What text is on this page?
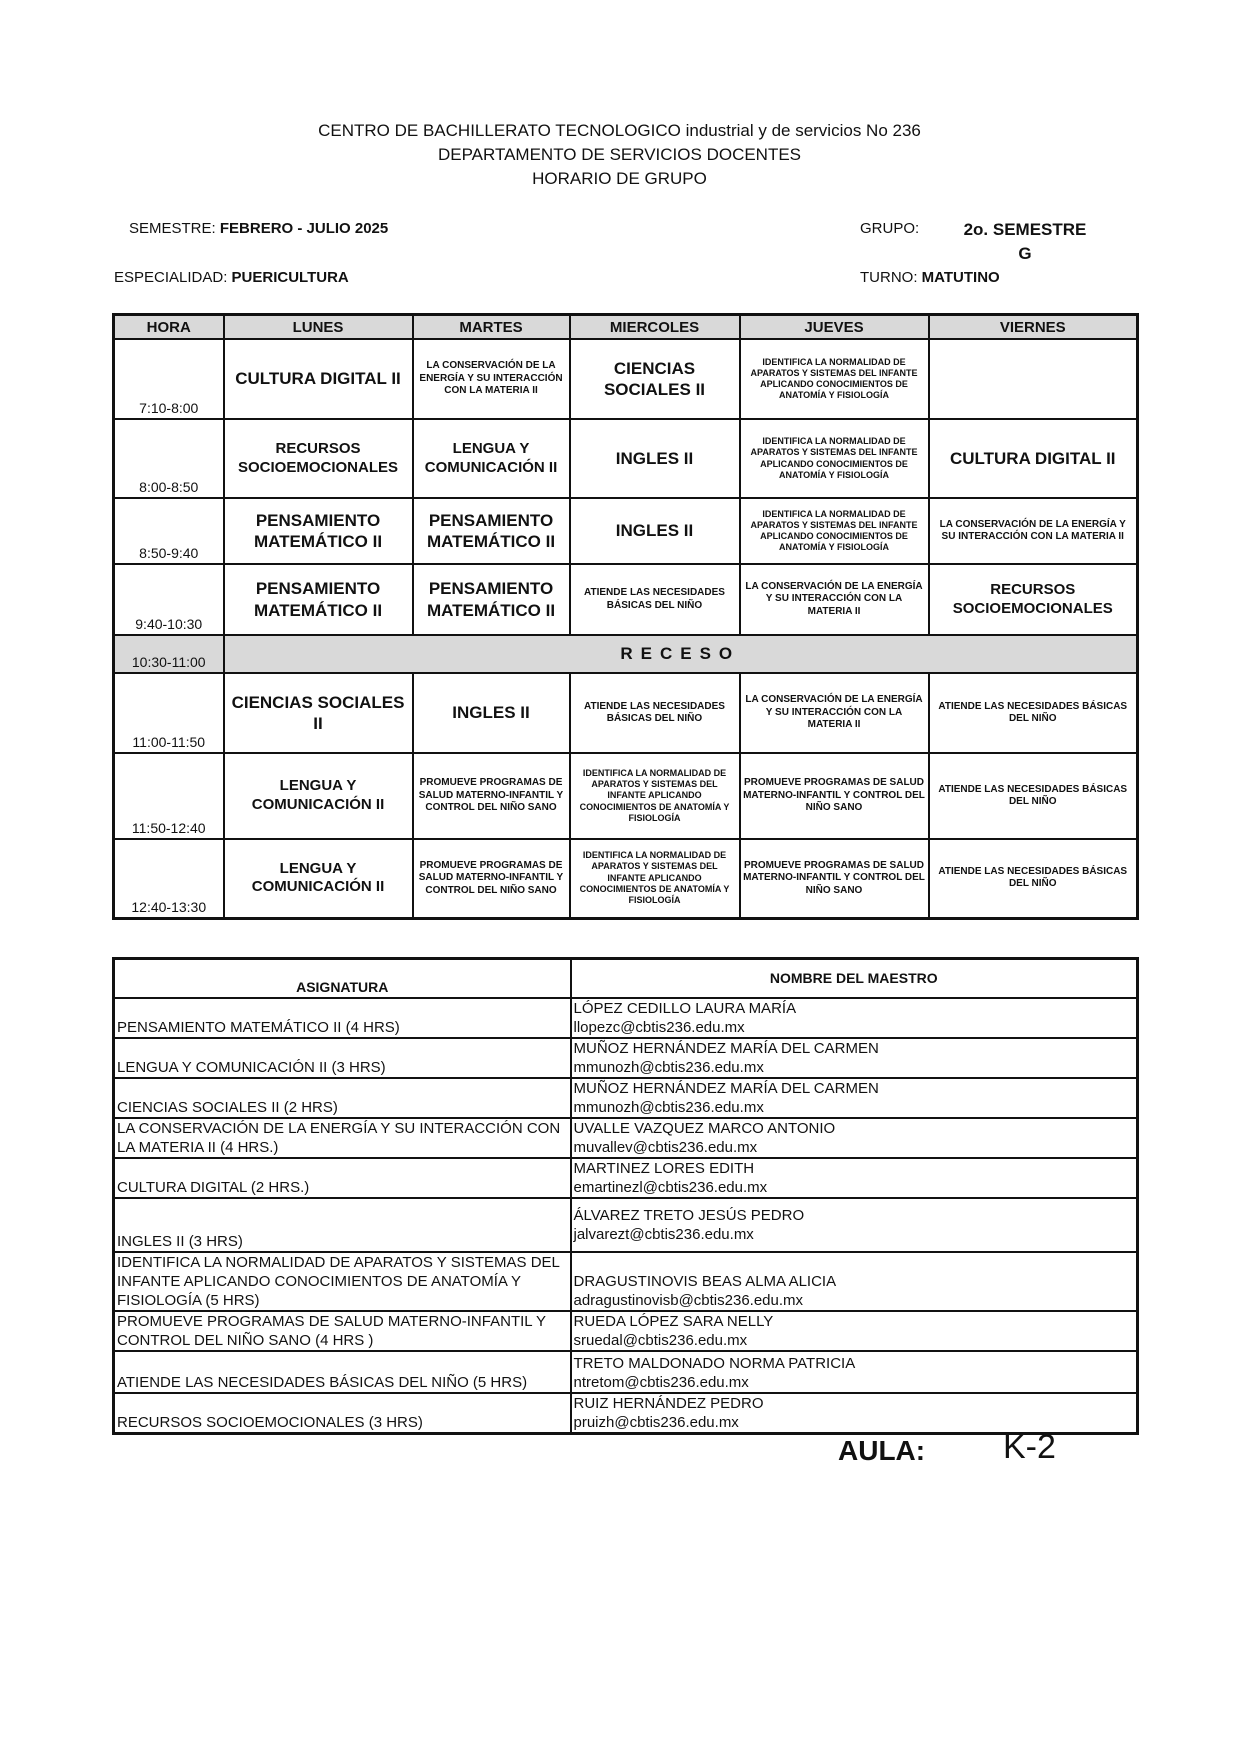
CENTRO DE BACHILLERATO TECNOLOGICO industrial y de servicios No 236
DEPARTAMENTO DE SERVICIOS DOCENTES
HORARIO DE GRUPO
SEMESTRE: FEBRERO - JULIO 2025	GRUPO:	2o. SEMESTRE
G
ESPECIALIDAD: PUERICULTURA	TURNO: MATUTINO
HORA	LUNES	MARTES	MIERCOLES	JUEVES	VIERNES
7:10-8:00	CULTURA DIGITAL II	LA CONSERVACIÓN DE LA ENERGÍA Y SU INTERACCIÓN CON LA MATERIA II	CIENCIAS SOCIALES II	IDENTIFICA LA NORMALIDAD DE APARATOS Y SISTEMAS DEL INFANTE APLICANDO CONOCIMIENTOS DE ANATOMÍA Y FISIOLOGÍA	
8:00-8:50	RECURSOS SOCIOEMOCIONALES	LENGUA Y COMUNICACIÓN II	INGLES II	IDENTIFICA LA NORMALIDAD DE APARATOS Y SISTEMAS DEL INFANTE APLICANDO CONOCIMIENTOS DE ANATOMÍA Y FISIOLOGÍA	CULTURA DIGITAL II
8:50-9:40	PENSAMIENTO MATEMÁTICO II	PENSAMIENTO MATEMÁTICO II	INGLES II	IDENTIFICA LA NORMALIDAD DE APARATOS Y SISTEMAS DEL INFANTE APLICANDO CONOCIMIENTOS DE ANATOMÍA Y FISIOLOGÍA	LA CONSERVACIÓN DE LA ENERGÍA Y SU INTERACCIÓN CON LA MATERIA II
9:40-10:30	PENSAMIENTO MATEMÁTICO II	PENSAMIENTO MATEMÁTICO II	ATIENDE LAS NECESIDADES BÁSICAS DEL NIÑO	LA CONSERVACIÓN DE LA ENERGÍA Y SU INTERACCIÓN CON LA MATERIA II	RECURSOS SOCIOEMOCIONALES
10:30-11:00	RECESO				
11:00-11:50	CIENCIAS SOCIALES II	INGLES II	ATIENDE LAS NECESIDADES BÁSICAS DEL NIÑO	LA CONSERVACIÓN DE LA ENERGÍA Y SU INTERACCIÓN CON LA MATERIA II	ATIENDE LAS NECESIDADES BÁSICAS DEL NIÑO
11:50-12:40	LENGUA Y COMUNICACIÓN II	PROMUEVE PROGRAMAS DE SALUD MATERNO-INFANTIL Y CONTROL DEL NIÑO SANO	IDENTIFICA LA NORMALIDAD DE APARATOS Y SISTEMAS DEL INFANTE APLICANDO CONOCIMIENTOS DE ANATOMÍA Y FISIOLOGÍA	PROMUEVE PROGRAMAS DE SALUD MATERNO-INFANTIL Y CONTROL DEL NIÑO SANO	ATIENDE LAS NECESIDADES BÁSICAS DEL NIÑO
12:40-13:30	LENGUA Y COMUNICACIÓN II	PROMUEVE PROGRAMAS DE SALUD MATERNO-INFANTIL Y CONTROL DEL NIÑO SANO	IDENTIFICA LA NORMALIDAD DE APARATOS Y SISTEMAS DEL INFANTE APLICANDO CONOCIMIENTOS DE ANATOMÍA Y FISIOLOGÍA	PROMUEVE PROGRAMAS DE SALUD MATERNO-INFANTIL Y CONTROL DEL NIÑO SANO	ATIENDE LAS NECESIDADES BÁSICAS DEL NIÑO
ASIGNATURA	NOMBRE DEL MAESTRO
PENSAMIENTO MATEMÁTICO II (4 HRS)	LÓPEZ CEDILLO LAURA MARÍA
llopezc@cbtis236.edu.mx

LENGUA Y COMUNICACIÓN II (3 HRS)	MUÑOZ HERNÁNDEZ MARÍA DEL CARMEN
mmunozh@cbtis236.edu.mx

CIENCIAS SOCIALES II (2 HRS)	MUÑOZ HERNÁNDEZ MARÍA DEL CARMEN
mmunozh@cbtis236.edu.mx

LA CONSERVACIÓN DE LA ENERGÍA Y SU INTERACCIÓN CON LA MATERIA II (4 HRS.)	UVALLE VAZQUEZ MARCO ANTONIO
muvallev@cbtis236.edu.mx

CULTURA DIGITAL (2 HRS.)	MARTINEZ LORES EDITH
emartinezl@cbtis236.edu.mx

INGLES II (3 HRS)	ÁLVAREZ TRETO JESÚS PEDRO
jalvarezt@cbtis236.edu.mx

IDENTIFICA LA NORMALIDAD DE APARATOS Y SISTEMAS DEL INFANTE APLICANDO CONOCIMIENTOS DE ANATOMÍA Y FISIOLOGÍA (5 HRS)	DRAGUSTINOVIS BEAS ALMA ALICIA
adragustinovisb@cbtis236.edu.mx

PROMUEVE PROGRAMAS DE SALUD MATERNO-INFANTIL Y CONTROL DEL NIÑO SANO (4 HRS )	RUEDA LÓPEZ SARA NELLY
sruedal@cbtis236.edu.mx

ATIENDE LAS NECESIDADES BÁSICAS DEL NIÑO (5 HRS)	TRETO MALDONADO NORMA PATRICIA
ntretom@cbtis236.edu.mx

RECURSOS SOCIOEMOCIONALES (3 HRS)	RUIZ HERNÁNDEZ PEDRO
pruizh@cbtis236.edu.mx
AULA: K-2
